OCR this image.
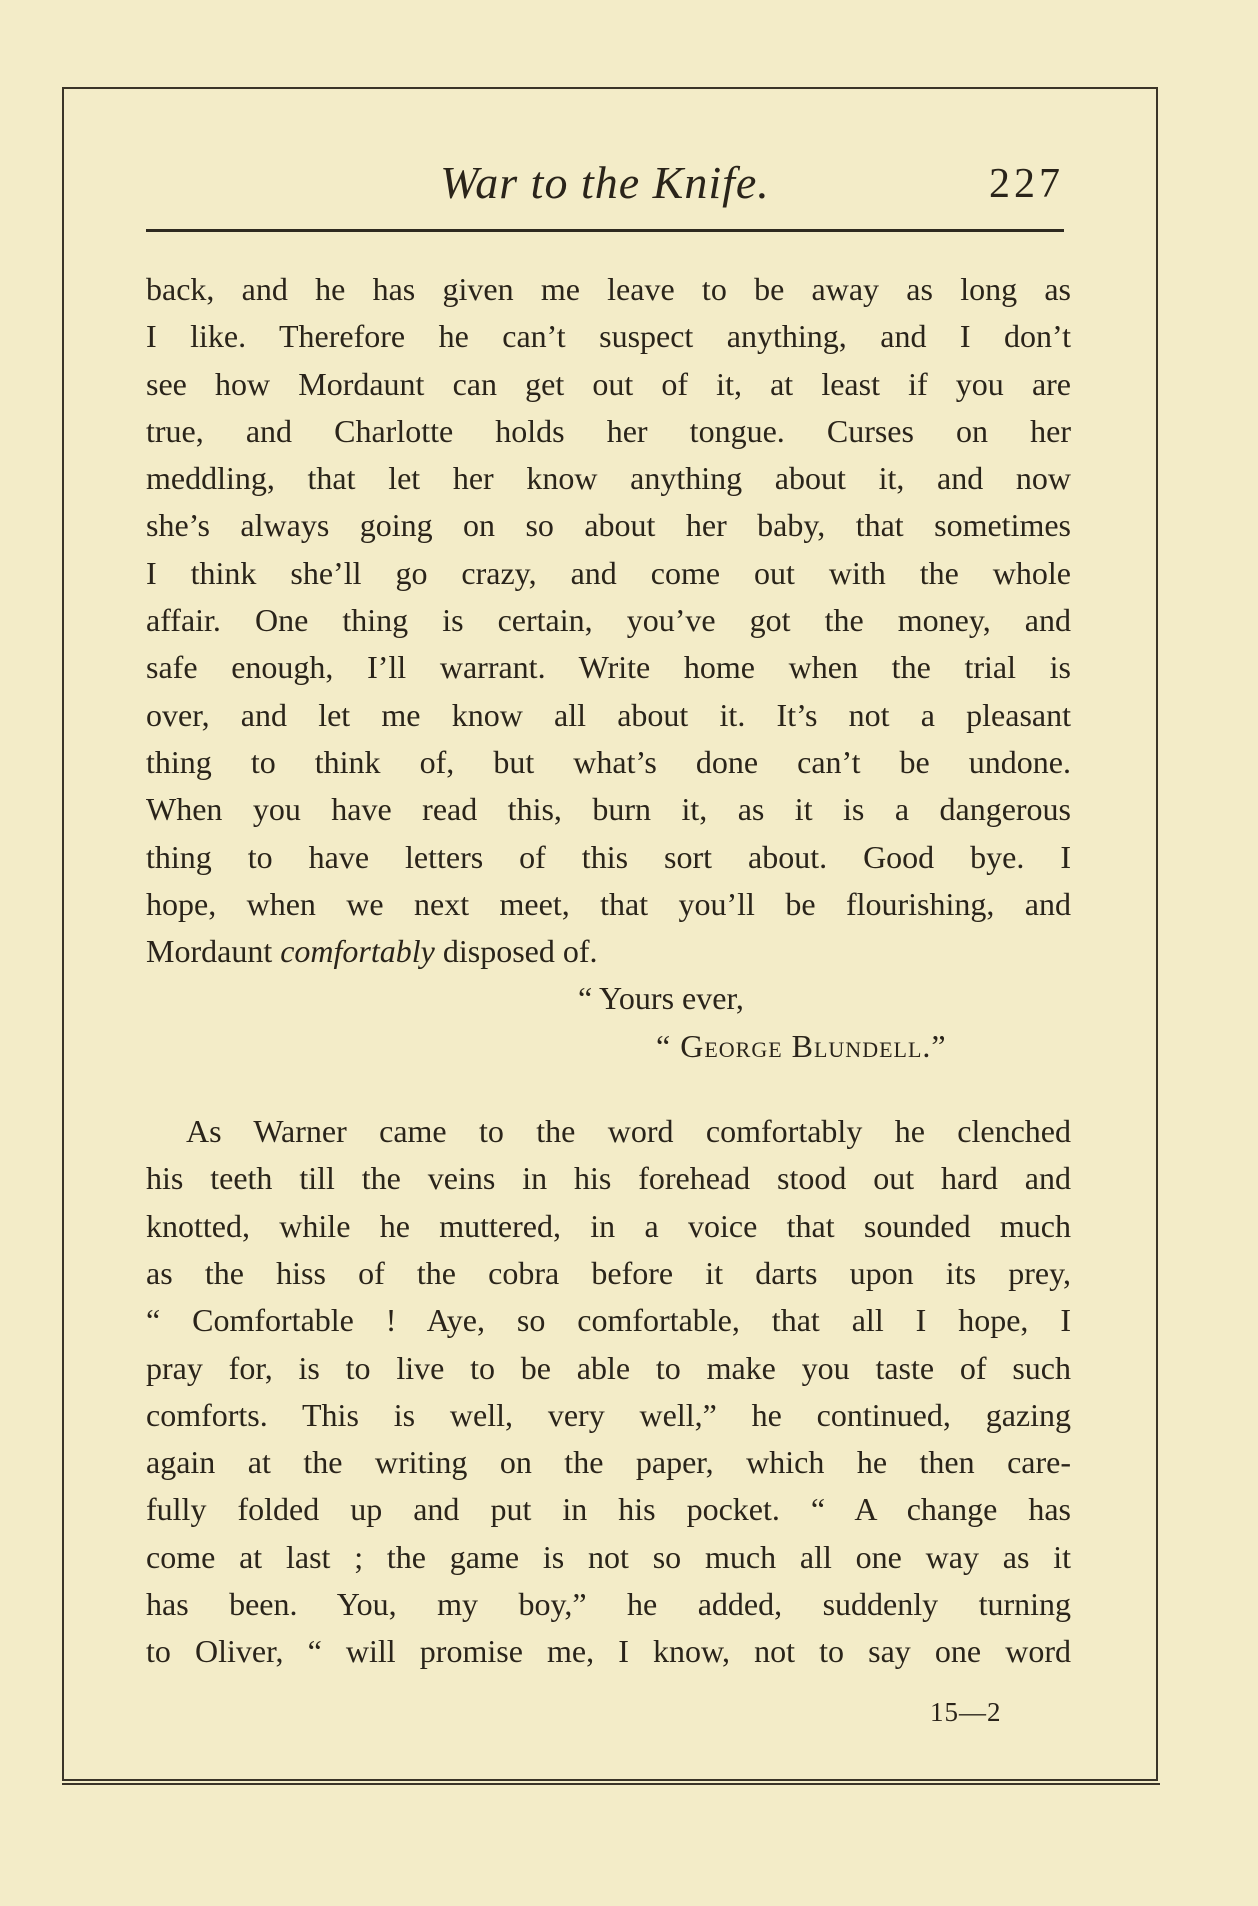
War to the Knife.	227
back, and he has given me leave to be away as long as
I like. Therefore he can’t suspect anything, and I don’t
see how Mordaunt can get out of it, at least if you are
true, and Charlotte holds her tongue. Curses on her
meddling, that let her know anything about it, and now
she’s always going on so about her baby, that sometimes
I think she’ll go crazy, and come out with the whole
affair. One thing is certain, you’ve got the money, and
safe enough, I’ll warrant. Write home when the trial is
over, and let me know all about it. It’s not a pleasant
thing to think of, but what’s done can’t be undone.
When you have read this, burn it, as it is a dangerous
thing to have letters of this sort about. Good bye. I
hope, when we next meet, that you’ll be flourishing, and
Mordaunt comfortably disposed of.
“ Yours ever,
“ George Blundell.”
As Warner came to the word comfortably he clenched
his teeth till the veins in his forehead stood out hard and
knotted, while he muttered, in a voice that sounded much
as the hiss of the cobra before it darts upon its prey,
“ Comfortable ! Aye, so comfortable, that all I hope, I
pray for, is to live to be able to make you taste of such
comforts. This is well, very well,” he continued, gazing
again at the writing on the paper, which he then care-
fully folded up and put in his pocket. “ A change has
come at last ; the game is not so much all one way as it
has been. You, my boy,” he added, suddenly turning
to Oliver, “ will promise me, I know, not to say one word
15—2
